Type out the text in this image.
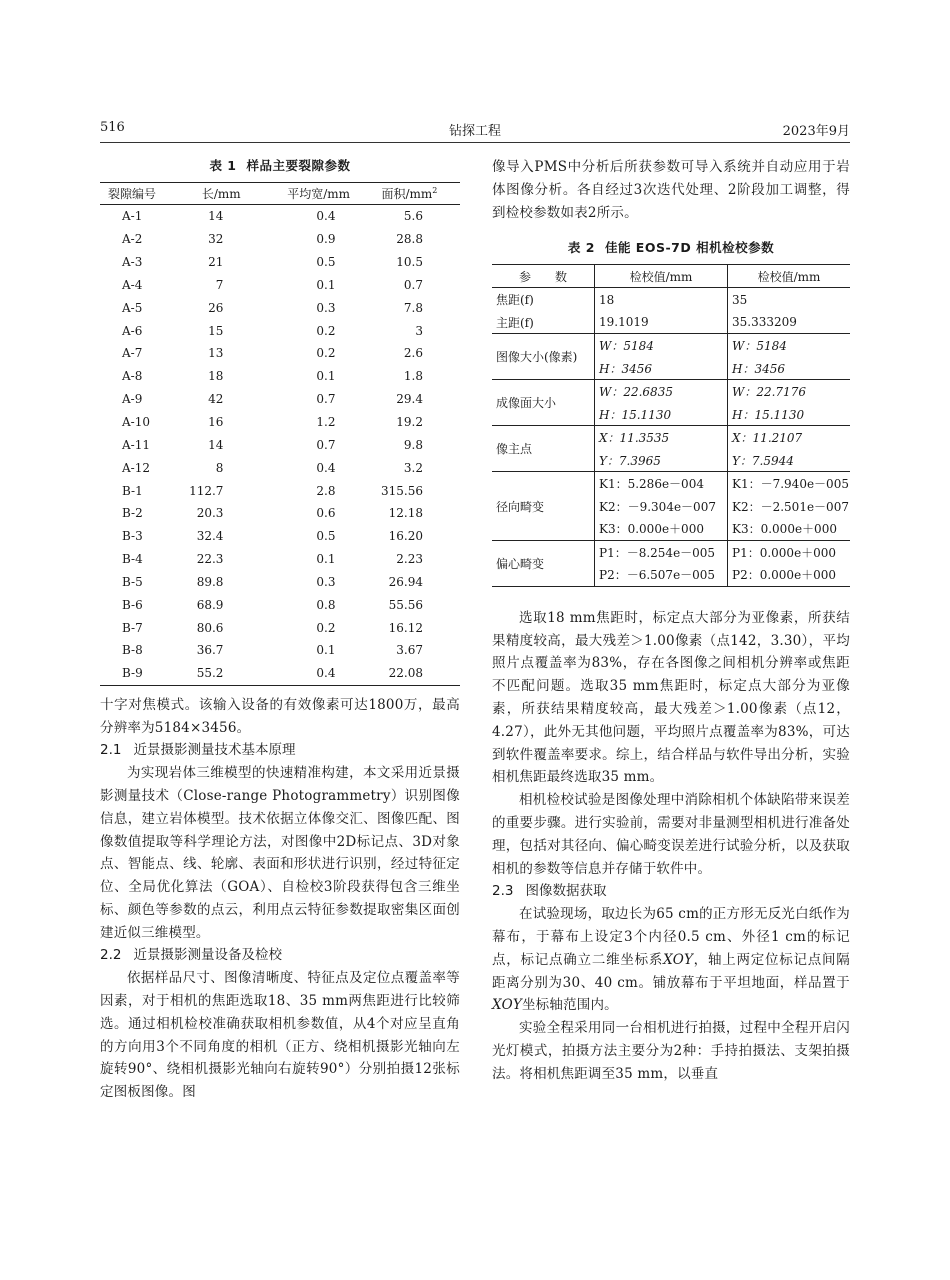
516	钻探工程	2023年9月
表 1 样品主要裂隙参数
裂隙编号	长/mm	平均宽/mm	面积$/mm^2$
A-1	14	0.4	5.6
A-2	32	0.9	28.8
A-3	21	0.5	10.5
A-4	7	0.1	0.7
A-5	26	0.3	7.8
A-6	15	0.2	3
A-7	13	0.2	2.6
A-8	18	0.1	1.8
A-9	42	0.7	29.4
A-10	16	1.2	19.2
A-11	14	0.7	9.8
A-12	8	0.4	3.2
B-1	112.7	2.8	315.56
B-2	20.3	0.6	12.18
B-3	32.4	0.5	16.20
B-4	22.3	0.1	2.23
B-5	89.8	0.3	26.94
B-6	68.9	0.8	55.56
B-7	80.6	0.2	16.12
B-8	36.7	0.1	3.67
B-9	55.2	0.4	22.08

十字对焦模式。该输入设备的有效像素可达1800万，最高分辨率为5184×3456。

2.1 近景摄影测量技术基本原理

为实现岩体三维模型的快速精准构建，本文采用近景摄影测量技术（Close-range Photogrammetry）识别图像信息，建立岩体模型。技术依据立体像交汇、图像匹配、图像数值提取等科学理论方法，对图像中2D标记点、3D对象点、智能点、线、轮廓、表面和形状进行识别，经过特征定位、全局优化算法（GOA）、自检校3阶段获得包含三维坐标、颜色等参数的点云，利用点云特征参数提取密集区面创建近似三维模型。

2.2 近景摄影测量设备及检校

依据样品尺寸、图像清晰度、特征点及定位点覆盖率等因素，对于相机的焦距选取18、35 mm两焦距进行比较筛选。通过相机检校准确获取相机参数值，从4个对应呈直角的方向用3个不同角度的相机（正方、绕相机摄影光轴向左旋转90°、绕相机摄影光轴向右旋转90°）分别拍摄12张标定图板图像。图

像导入PMS中分析后所获参数可导入系统并自动应用于岩体图像分析。各自经过3次迭代处理、2阶段加工调整，得到检校参数如表2所示。

表 2 佳能 EOS-7D 相机检校参数
参　　数	检校值/mm	检校值/mm
焦距(f)	18	35
主距(f)	19.1019	35.333209
图像大小(像素)	W：5184	W：5184
	H：3456	H：3456
成像面大小	W：22.6835	W：22.7176
	H：15.1130	H：15.1130
像主点	X：11.3535	X：11.2107
	Y：7.3965	Y：7.5944
径向畸变	K1：5.286e－004	K1：－7.940e－005
	K2：－9.304e－007	K2：－2.501e－007
	K3：0.000e＋000	K3：0.000e＋000
偏心畸变	P1：－8.254e－005	P1：0.000e＋000
	P2：－6.507e－005	P2：0.000e＋000

选取18 mm焦距时，标定点大部分为亚像素，所获结果精度较高，最大残差＞1.00像素（点142，3.30），平均照片点覆盖率为83%，存在各图像之间相机分辨率或焦距不匹配问题。选取35 mm焦距时，标定点大部分为亚像素，所获结果精度较高，最大残差＞1.00像素（点12，4.27），此外无其他问题，平均照片点覆盖率为83%，可达到软件覆盖率要求。综上，结合样品与软件导出分析，实验相机焦距最终选取35 mm。

相机检校试验是图像处理中消除相机个体缺陷带来误差的重要步骤。进行实验前，需要对非量测型相机进行准备处理，包括对其径向、偏心畸变误差进行试验分析，以及获取相机的参数等信息并存储于软件中。

2.3 图像数据获取

在试验现场，取边长为65 cm的正方形无反光白纸作为幕布，于幕布上设定3个内径0.5 cm、外径1 cm的标记点，标记点确立二维坐标系XOY，轴上两定位标记点间隔距离分别为30、40 cm。铺放幕布于平坦地面，样品置于XOY坐标轴范围内。

实验全程采用同一台相机进行拍摄，过程中全程开启闪光灯模式，拍摄方法主要分为2种：手持拍摄法、支架拍摄法。将相机焦距调至35 mm，以垂直
